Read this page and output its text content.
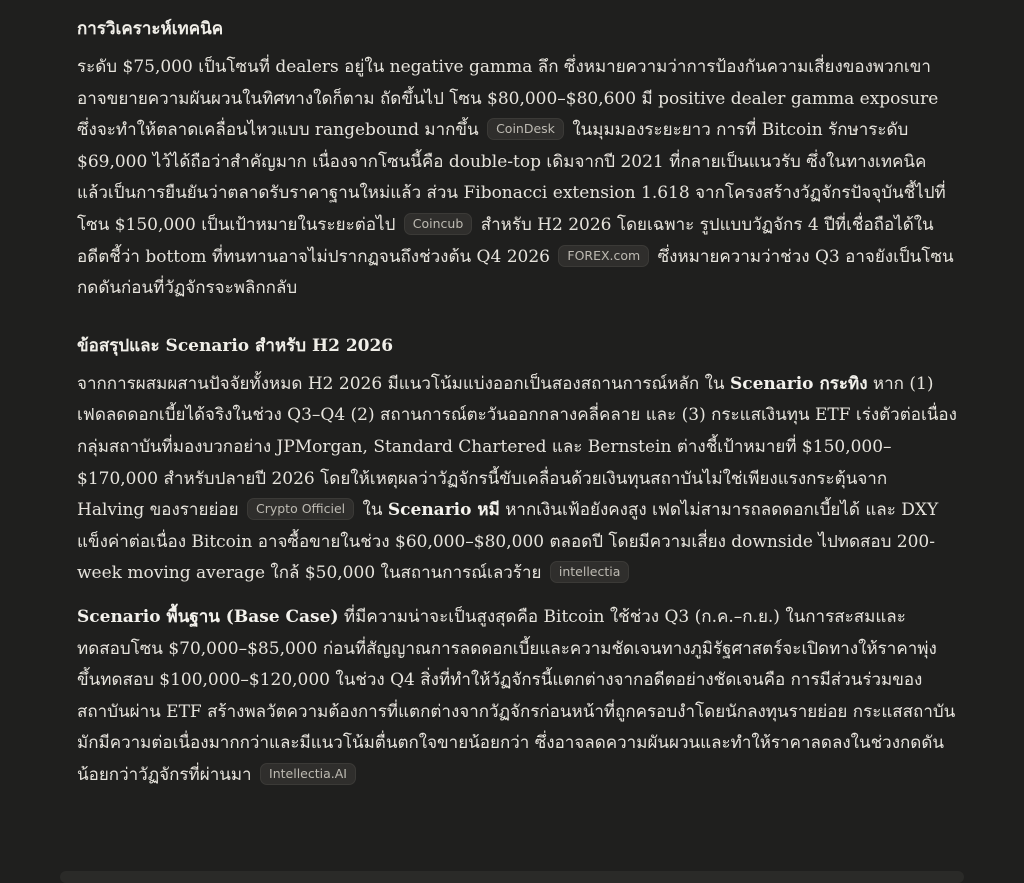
การวิเคราะห์เทคนิค

ระดับ $75,000 เป็นโซนที่ dealers อยู่ใน negative gamma ลึก ซึ่งหมายความว่าการป้องกันความเสี่ยงของพวกเขาอาจขยายความผันผวนในทิศทางใดก็ตาม ถัดขึ้นไป โซน $80,000–$80,600 มี positive dealer gamma exposure ซึ่งจะทำให้ตลาดเคลื่อนไหวแบบ rangebound มากขึ้น CoinDesk ในมุมมองระยะยาว การที่ Bitcoin รักษาระดับ $69,000 ไว้ได้ถือว่าสำคัญมาก เนื่องจากโซนนี้คือ double-top เดิมจากปี 2021 ที่กลายเป็นแนวรับ ซึ่งในทางเทคนิคแล้วเป็นการยืนยันว่าตลาดรับราคาฐานใหม่แล้ว ส่วน Fibonacci extension 1.618 จากโครงสร้างวัฏจักรปัจจุบันชี้ไปที่โซน $150,000 เป็นเป้าหมายในระยะต่อไป Coincub สำหรับ H2 2026 โดยเฉพาะ รูปแบบวัฏจักร 4 ปีที่เชื่อถือได้ในอดีตชี้ว่า bottom ที่ทนทานอาจไม่ปรากฏจนถึงช่วงต้น Q4 2026 FOREX.com ซึ่งหมายความว่าช่วง Q3 อาจยังเป็นโซนกดดันก่อนที่วัฏจักรจะพลิกกลับ

ข้อสรุปและ Scenario สำหรับ H2 2026

จากการผสมผสานปัจจัยทั้งหมด H2 2026 มีแนวโน้มแบ่งออกเป็นสองสถานการณ์หลัก ใน Scenario กระทิง หาก (1) เฟดลดดอกเบี้ยได้จริงในช่วง Q3–Q4 (2) สถานการณ์ตะวันออกกลางคลี่คลาย และ (3) กระแสเงินทุน ETF เร่งตัวต่อเนื่อง กลุ่มสถาบันที่มองบวกอย่าง JPMorgan, Standard Chartered และ Bernstein ต่างชี้เป้าหมายที่ $150,000–$170,000 สำหรับปลายปี 2026 โดยให้เหตุผลว่าวัฏจักรนี้ขับเคลื่อนด้วยเงินทุนสถาบันไม่ใช่เพียงแรงกระตุ้นจาก Halving ของรายย่อย Crypto Officiel ใน Scenario หมี หากเงินเฟ้อยังคงสูง เฟดไม่สามารถลดดอกเบี้ยได้ และ DXY แข็งค่าต่อเนื่อง Bitcoin อาจซื้อขายในช่วง $60,000–$80,000 ตลอดปี โดยมีความเสี่ยง downside ไปทดสอบ 200-week moving average ใกล้ $50,000 ในสถานการณ์เลวร้าย intellectia

Scenario พื้นฐาน (Base Case) ที่มีความน่าจะเป็นสูงสุดคือ Bitcoin ใช้ช่วง Q3 (ก.ค.–ก.ย.) ในการสะสมและทดสอบโซน $70,000–$85,000 ก่อนที่สัญญาณการลดดอกเบี้ยและความชัดเจนทางภูมิรัฐศาสตร์จะเปิดทางให้ราคาพุ่งขึ้นทดสอบ $100,000–$120,000 ในช่วง Q4 สิ่งที่ทำให้วัฏจักรนี้แตกต่างจากอดีตอย่างชัดเจนคือ การมีส่วนร่วมของสถาบันผ่าน ETF สร้างพลวัตความต้องการที่แตกต่างจากวัฏจักรก่อนหน้าที่ถูกครอบงำโดยนักลงทุนรายย่อย กระแสสถาบันมักมีความต่อเนื่องมากกว่าและมีแนวโน้มตื่นตกใจขายน้อยกว่า ซึ่งอาจลดความผันผวนและทำให้ราคาลดลงในช่วงกดดันน้อยกว่าวัฏจักรที่ผ่านมา Intellectia.AI
